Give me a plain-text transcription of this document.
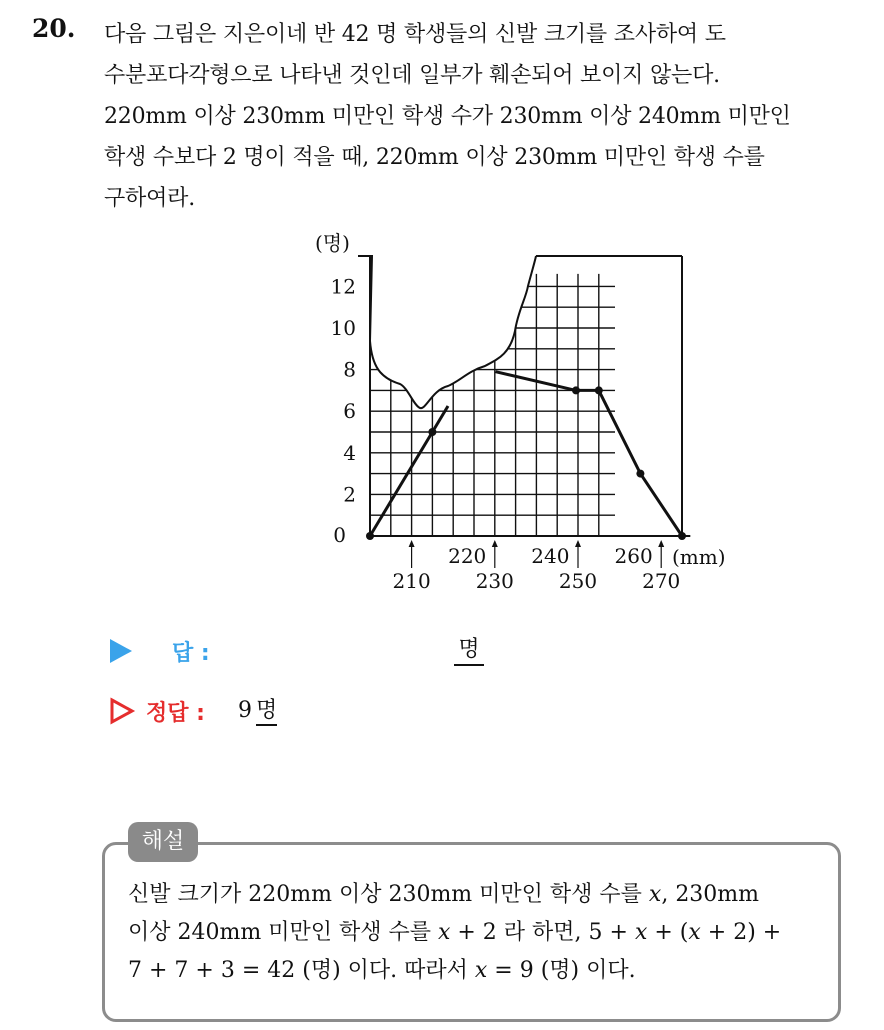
20. 다음 그림은 지은이네 반 42 명 학생들의 신발 크기를 조사하여 도
수분포다각형으로 나타낸 것인데 일부가 훼손되어 보이지 않는다.
220mm 이상 230mm 미만인 학생 수가 230mm 이상 240mm 미만인
학생 수보다 2 명이 적을 때, 220mm 이상 230mm 미만인 학생 수를
구하여라.
(명)
0
2
4
6
8
10
12
220 240 260
210 230 250 270
(mm)
답 :	명
정답 : 9 명
해설
신발 크기가 220mm 이상 230mm 미만인 학생 수를 x, 230mm
이상 240mm 미만인 학생 수를 x + 2 라 하면, 5 + x + (x + 2) +
7 + 7 + 3 = 42 (명) 이다. 따라서 x = 9 (명) 이다.
